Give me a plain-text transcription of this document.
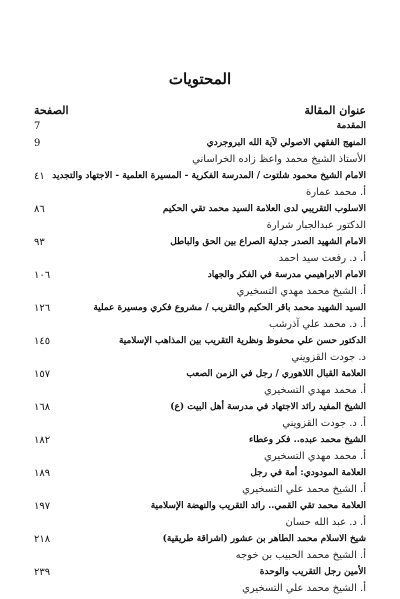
المحتويات
عنوان المقالة
الصفحة
المقدمة
7
المنهج الفقهي الاصولي لآية الله البروجردي
9
الأستاذ الشيخ محمد واعظ زاده الخراساني
الامام الشيخ محمود شلتوت / المدرسة الفكرية - المسيرة العلمية - الاجتهاد والتجديد
٤١
أ. محمد عمارة
الاسلوب التقريبي لدى العلامة السيد محمد تقي الحكيم
٨٦
الدكتور عبدالجبار شرارة
الامام الشهيد الصدر جدلية الصراع بين الحق والباطل
٩٣
أ. د. رفعت سيد احمد
الامام الابراهيمي مدرسة في الفكر والجهاد
١٠٦
أ. الشيخ محمد مهدي التسخيري
السيد الشهيد محمد باقر الحكيم والتقريب / مشروع فكري ومسيرة عملية
١٢٦
أ. د. محمد علي آذرشب
الدكتور حسن علي محفوظ ونظرية التقريب بين المذاهب الإسلامية
١٤٥
د. جودت القزويني
العلامة القبال اللاهوري / رجل في الزمن الصعب
١٥٧
أ. محمد مهدي التسخيري
الشيخ المفيد رائد الاجتهاد في مدرسة أهل البيت (ع)
١٦٨
أ. د. جودت القزويني
الشيخ محمد عبده.. فكر وعطاء
١٨٢
أ. محمد مهدي التسخيري
العلامة المودودي: أمة في رجل
١٨٩
أ. الشيخ محمد علي التسخيري
العلامة محمد تقي القمي.. رائد التقريب والنهضة الإسلامية
١٩٧
أ. د. عبد الله حسان
شيخ الاسلام محمد الطاهر بن عشور (اشراقة طريقية)
٢١٨
أ. الشيخ محمد الحبيب بن خوجه
الأمين رجل التقريب والوحدة
٢٣٩
أ. الشيخ محمد علي التسخيري
